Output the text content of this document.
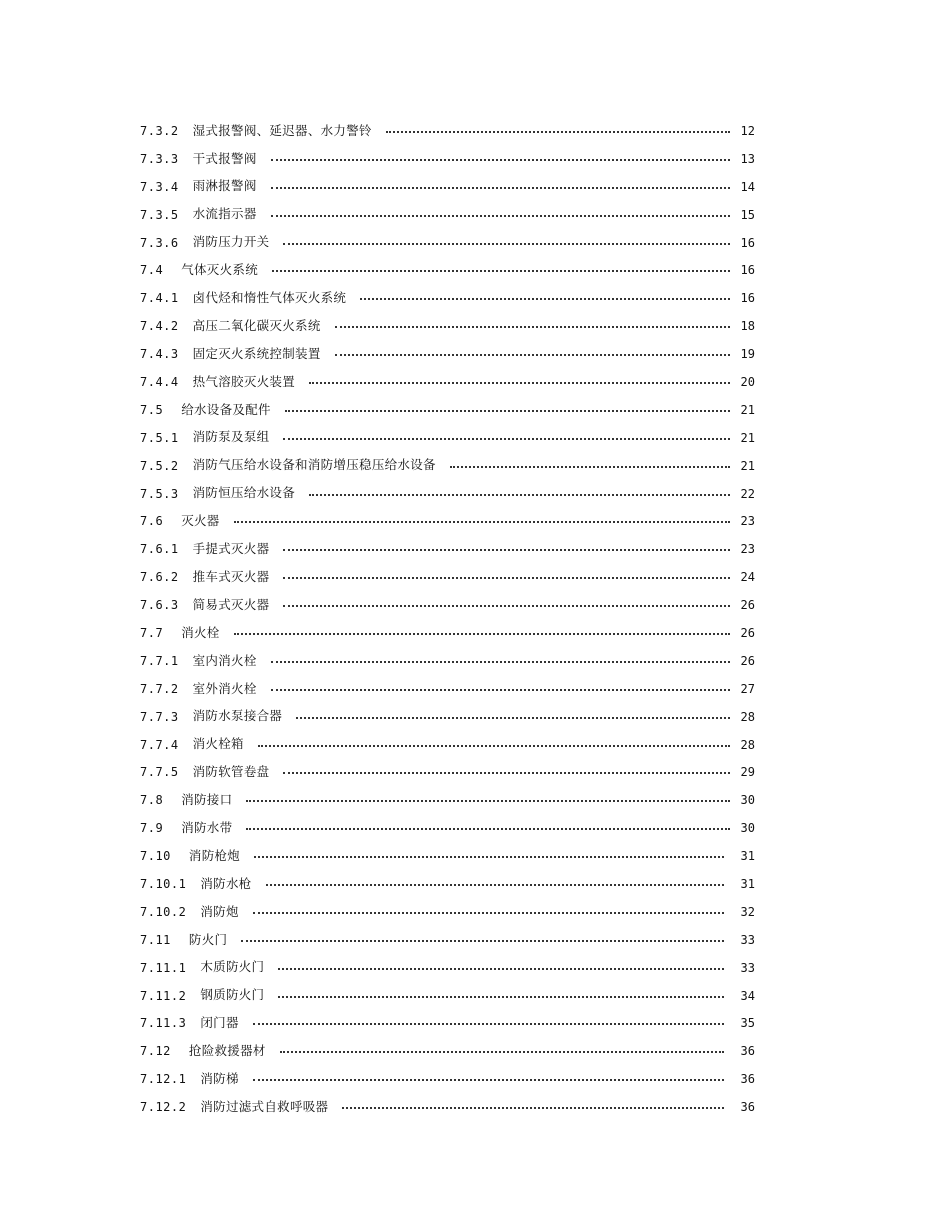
7.3.2 湿式报警阀、延迟器、水力警铃	12
7.3.3 干式报警阀	13
7.3.4 雨淋报警阀	14
7.3.5 水流指示器	15
7.3.6 消防压力开关	16
7.4 气体灭火系统	16
7.4.1 卤代烃和惰性气体灭火系统	16
7.4.2 高压二氧化碳灭火系统	18
7.4.3 固定灭火系统控制装置	19
7.4.4 热气溶胶灭火装置	20
7.5 给水设备及配件	21
7.5.1 消防泵及泵组	21
7.5.2 消防气压给水设备和消防增压稳压给水设备	21
7.5.3 消防恒压给水设备	22
7.6 灭火器	23
7.6.1 手提式灭火器	23
7.6.2 推车式灭火器	24
7.6.3 简易式灭火器	26
7.7 消火栓	26
7.7.1 室内消火栓	26
7.7.2 室外消火栓	27
7.7.3 消防水泵接合器	28
7.7.4 消火栓箱	28
7.7.5 消防软管卷盘	29
7.8 消防接口	30
7.9 消防水带	30
7.10 消防枪炮	31
7.10.1 消防水枪	31
7.10.2 消防炮	32
7.11 防火门	33
7.11.1 木质防火门	33
7.11.2 钢质防火门	34
7.11.3 闭门器	35
7.12 抢险救援器材	36
7.12.1 消防梯	36
7.12.2 消防过滤式自救呼吸器	36
